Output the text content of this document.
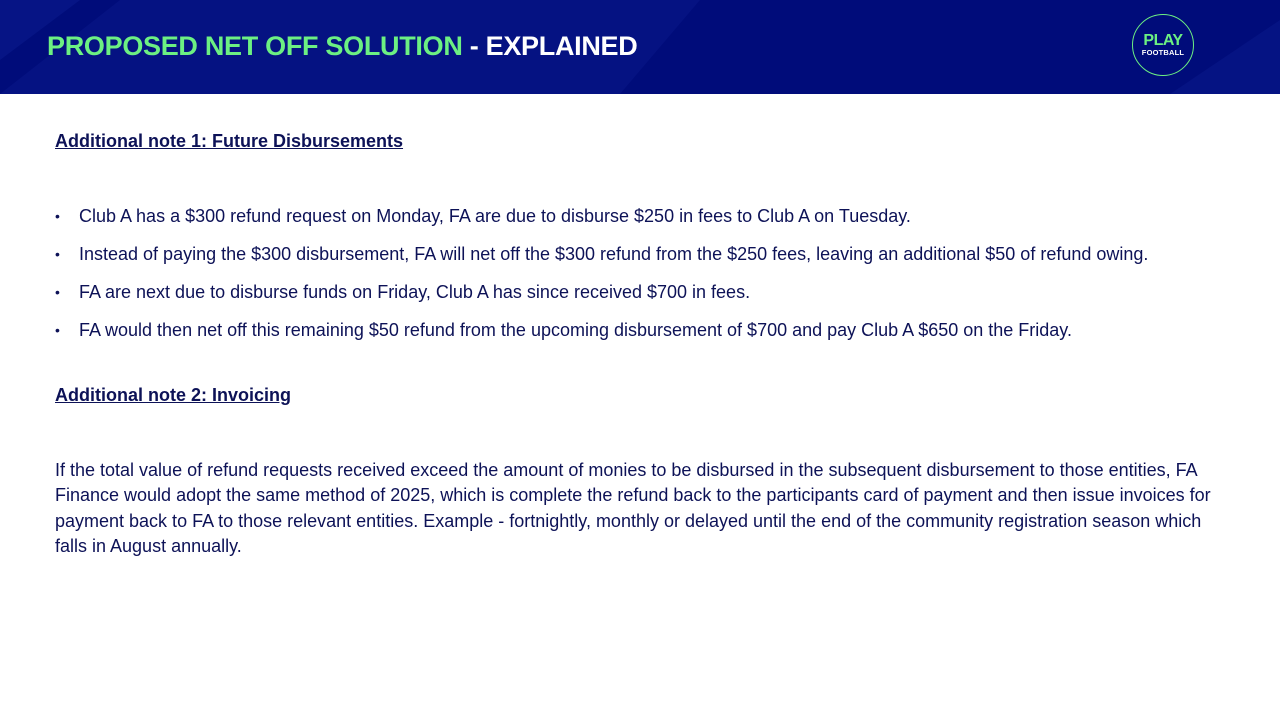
PROPOSED NET OFF SOLUTION - EXPLAINED	PLAY
FOOTBALL
Additional note 1: Future Disbursements
• Club A has a $300 refund request on Monday, FA are due to disburse $250 in fees to Club A on Tuesday.
• Instead of paying the $300 disbursement, FA will net off the $300 refund from the $250 fees, leaving an additional $50 of refund owing.
• FA are next due to disburse funds on Friday, Club A has since received $700 in fees.
• FA would then net off this remaining $50 refund from the upcoming disbursement of $700 and pay Club A $650 on the Friday.
Additional note 2: Invoicing

If the total value of refund requests received exceed the amount of monies to be disbursed in the subsequent disbursement to those entities, FA Finance would adopt the same method of 2025, which is complete the refund back to the participants card of payment and then issue invoices for payment back to FA to those relevant entities. Example - fortnightly, monthly or delayed until the end of the community registration season which falls in August annually.
